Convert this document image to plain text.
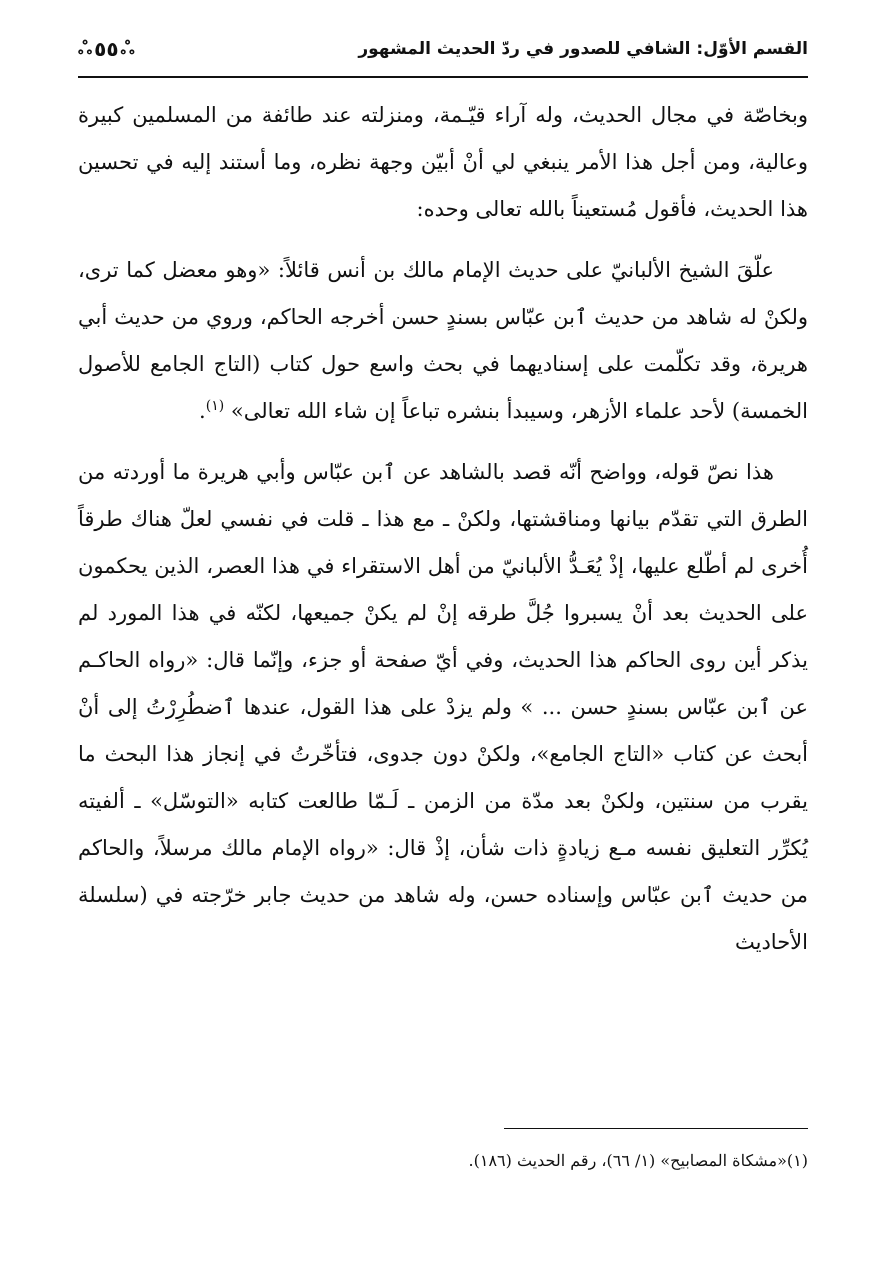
القسم الأوّل: الشافي للصدور في ردّ الحديث المشهور
ஃ ٥٥ ஃ

وبخاصّة في مجال الحديث، وله آراء قيّـمة، ومنزلته عند طائفة من المسلمين كبيرة وعالية، ومن أجل هذا الأمر ينبغي لي أنْ أبيّن وجهة نظره، وما أستند إليه في تحسين هذا الحديث، فأقول مُستعيناً بالله تعالى وحده:

علّقَ الشيخ الألبانيّ على حديث الإمام مالك بن أنس قائلاً: «وهو معضل كما ترى، ولكنْ له شاهد من حديث ٱبن عبّاس بسندٍ حسن أخرجه الحاكم، وروي من حديث أبي هريرة، وقد تكلّمت على إسناديهما في بحث واسع حول كتاب (التاج الجامع للأصول الخمسة) لأحد علماء الأزهر، وسيبدأ بنشره تباعاً إن شاء الله تعالى» $^{(١)}$.

هذا نصّ قوله، وواضح أنّه قصد بالشاهد عن ٱبن عبّاس وأبي هريرة ما أوردته من الطرق التي تقدّم بيانها ومناقشتها، ولكنْ ـ مع هذا ـ قلت في نفسي لعلّ هناك طرقاً أُخرى لم أطّلع عليها، إذْ يُعَـدُّ الألبانيّ من أهل الاستقراء في هذا العصر، الذين يحكمون على الحديث بعد أنْ يسبروا جُلَّ طرقه إنْ لم يكنْ جميعها، لكنّه في هذا المورد لم يذكر أين روى الحاكم هذا الحديث، وفي أيّ صفحة أو جزء، وإنّما قال: «رواه الحاكـم عن ٱبن عبّاس بسندٍ حسن ... » ولم يزدْ على هذا القول، عندها ٱضطُرِرْتُ إلى أنْ أبحث عن كتاب «التاج الجامع»، ولكنْ دون جدوى، فتأخّرتُ في إنجاز هذا البحث ما يقرب من سنتين، ولكنْ بعد مدّة من الزمن ـ لَـمّا طالعت كتابه «التوسّل» ـ ألفيته يُكرِّر التعليق نفسه مـع زيادةٍ ذات شأن، إذْ قال: «رواه الإمام مالك مرسلاً، والحاكم من حديث ٱبن عبّاس وإسناده حسن، وله شاهد من حديث جابر خرّجته في (سلسلة الأحاديث

(١)«مشكاة المصابيح» (١/ ٦٦)، رقم الحديث (١٨٦).
